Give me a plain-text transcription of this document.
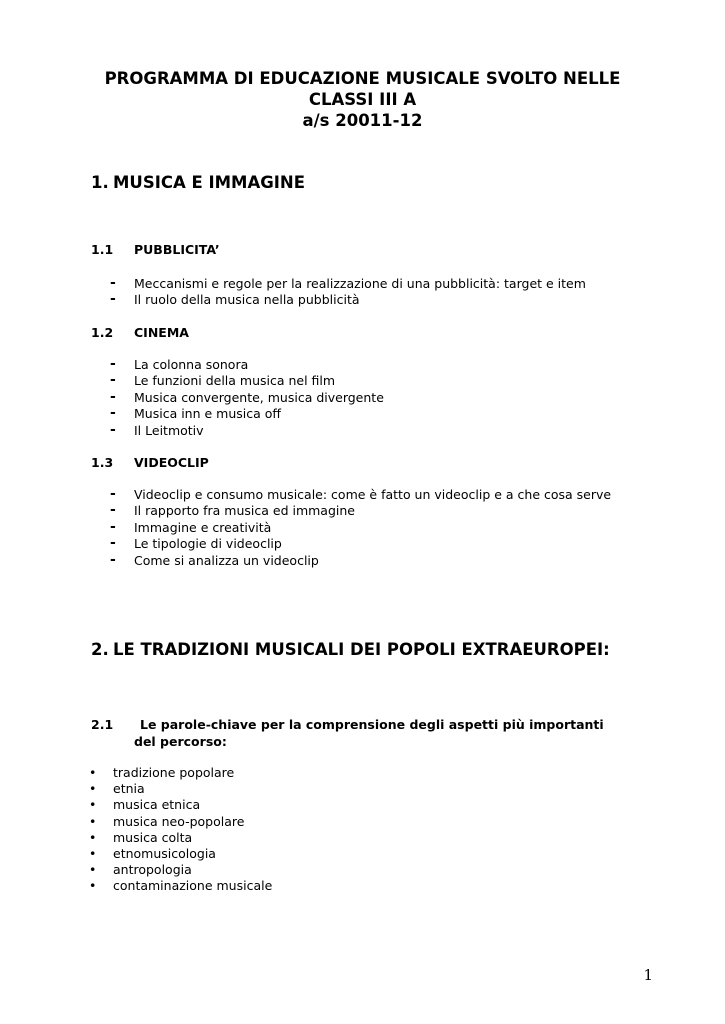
PROGRAMMA DI EDUCAZIONE MUSICALE SVOLTO NELLE
CLASSI III A
a/s 20011-12
1. MUSICA E IMMAGINE
1.1 PUBBLICITA’
- Meccanismi e regole per la realizzazione di una pubblicità: target e item
- Il ruolo della musica nella pubblicità
1.2 CINEMA
- La colonna sonora
- Le funzioni della musica nel film
- Musica convergente, musica divergente
- Musica inn e musica off
- Il Leitmotiv
1.3 VIDEOCLIP
- Videoclip e consumo musicale: come è fatto un videoclip e a che cosa serve
- Il rapporto fra musica ed immagine
- Immagine e creatività
- Le tipologie di videoclip
- Come si analizza un videoclip
2. LE TRADIZIONI MUSICALI DEI POPOLI EXTRAEUROPEI:
2.1 Le parole-chiave per la comprensione degli aspetti più importanti
del percorso:
• tradizione popolare
• etnia
• musica etnica
• musica neo-popolare
• musica colta
• etnomusicologia
• antropologia
• contaminazione musicale
1
